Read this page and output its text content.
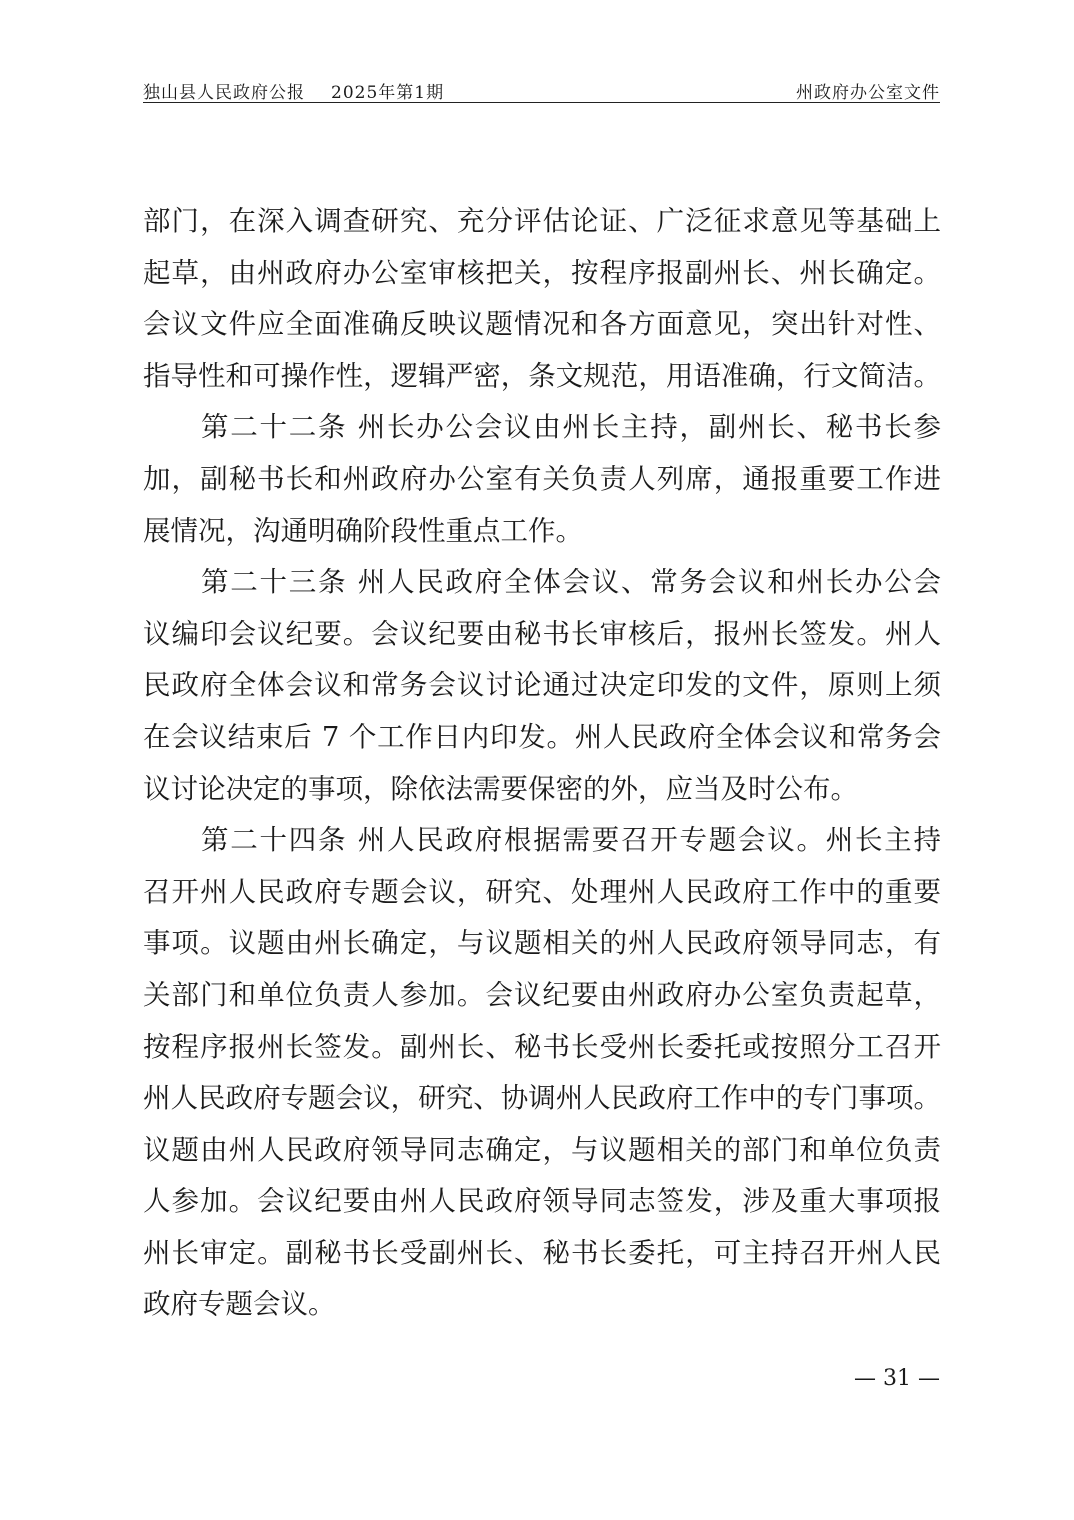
独山县人民政府公报 2025年第1期	州政府办公室文件
部门，在深入调查研究、充分评估论证、广泛征求意见等基础上
起草，由州政府办公室审核把关，按程序报副州长、州长确定。
会议文件应全面准确反映议题情况和各方面意见，突出针对性、
指导性和可操作性，逻辑严密，条文规范，用语准确，行文简洁。
第二十二条 州长办公会议由州长主持，副州长、秘书长参
加，副秘书长和州政府办公室有关负责人列席，通报重要工作进
展情况，沟通明确阶段性重点工作。
第二十三条 州人民政府全体会议、常务会议和州长办公会
议编印会议纪要。会议纪要由秘书长审核后，报州长签发。州人
民政府全体会议和常务会议讨论通过决定印发的文件，原则上须
在会议结束后 7 个工作日内印发。州人民政府全体会议和常务会
议讨论决定的事项，除依法需要保密的外，应当及时公布。
第二十四条 州人民政府根据需要召开专题会议。州长主持
召开州人民政府专题会议，研究、处理州人民政府工作中的重要
事项。议题由州长确定，与议题相关的州人民政府领导同志，有
关部门和单位负责人参加。会议纪要由州政府办公室负责起草，
按程序报州长签发。副州长、秘书长受州长委托或按照分工召开
州人民政府专题会议，研究、协调州人民政府工作中的专门事项。
议题由州人民政府领导同志确定，与议题相关的部门和单位负责
人参加。会议纪要由州人民政府领导同志签发，涉及重大事项报
州长审定。副秘书长受副州长、秘书长委托，可主持召开州人民
政府专题会议。
— 31 —
